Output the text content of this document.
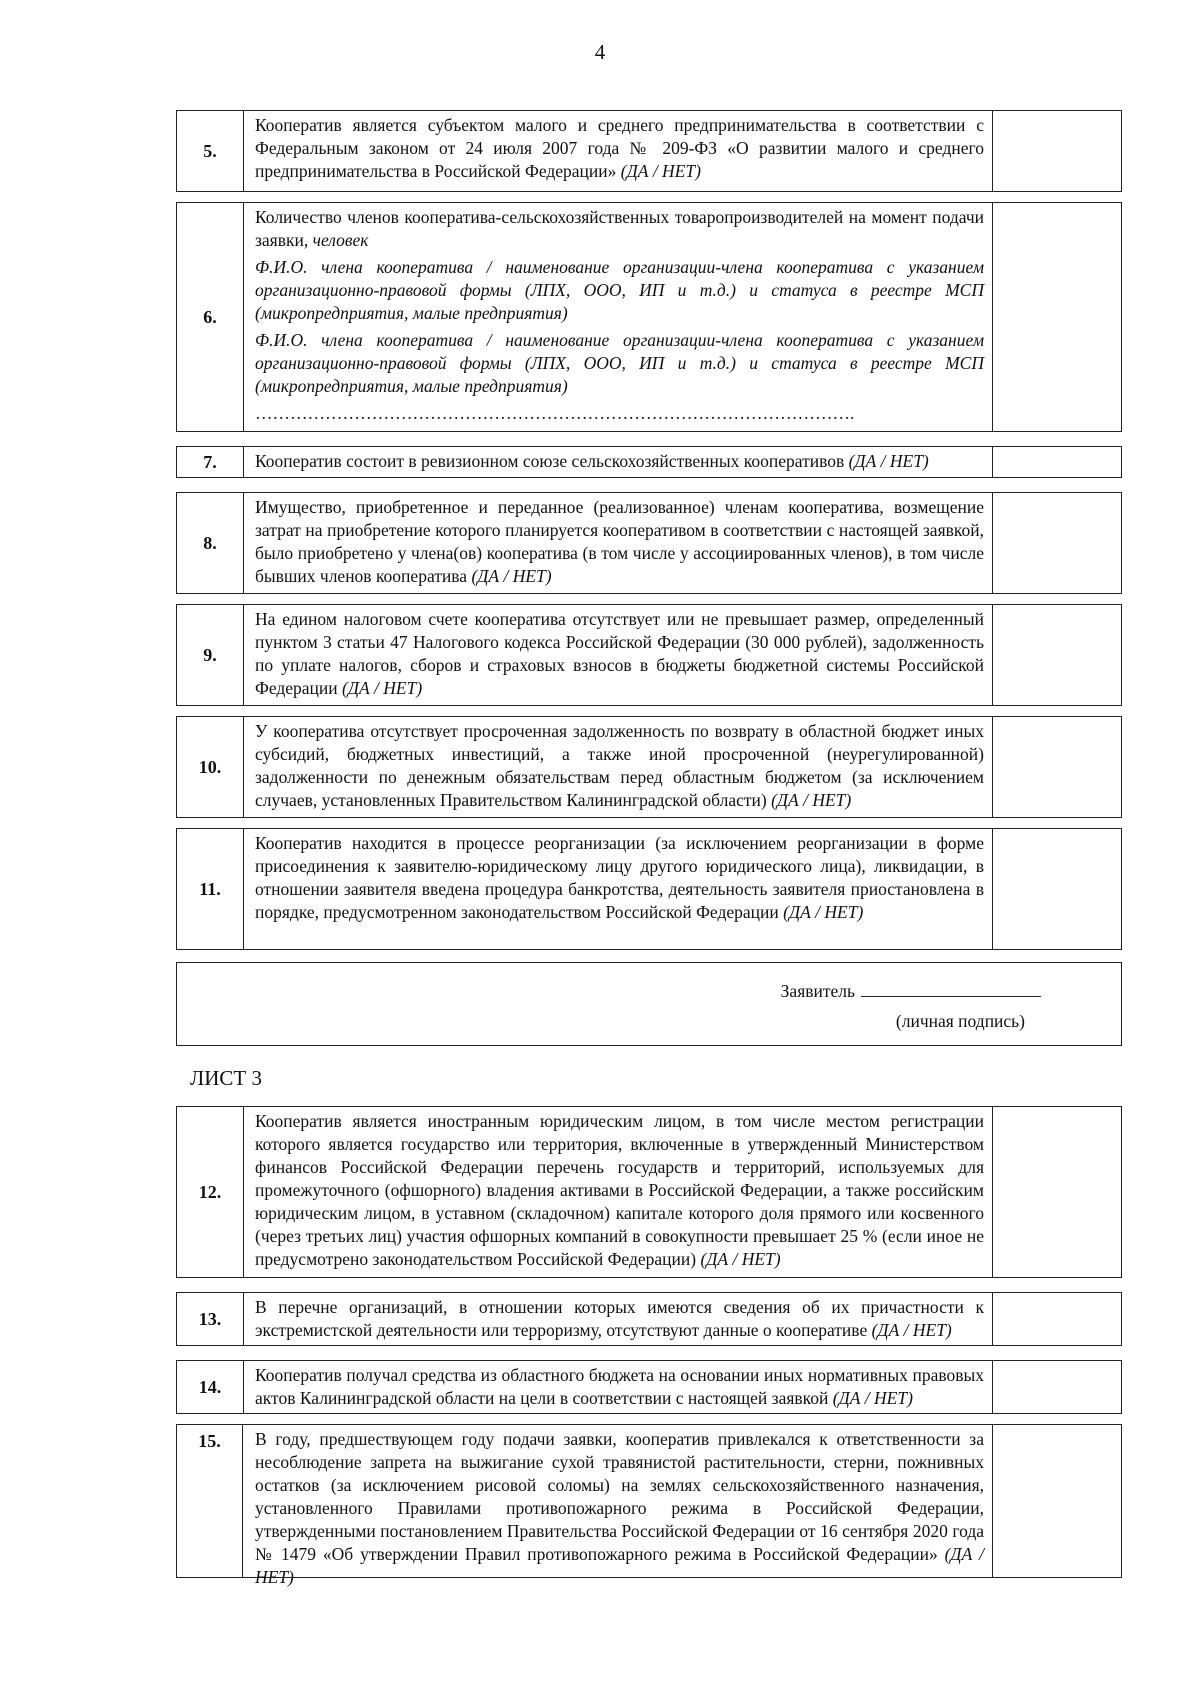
4
5.

Кооператив является субъектом малого и среднего предпринимательства в соответствии с Федеральным законом от 24 июля 2007 года № 209-ФЗ «О развитии малого и среднего предпринимательства в Российской Федерации» (ДА / НЕТ)

6.

Количество членов кооператива-сельскохозяйственных товаропроизводителей на момент подачи заявки, человек

Ф.И.О. члена кооператива / наименование организации-члена кооператива с указанием организационно-правовой формы (ЛПХ, ООО, ИП и т.д.) и статуса в реестре МСП (микропредприятия, малые предприятия)

Ф.И.О. члена кооператива / наименование организации-члена кооператива с указанием организационно-правовой формы (ЛПХ, ООО, ИП и т.д.) и статуса в реестре МСП (микропредприятия, малые предприятия)

………………………………………………………………………………………….

7.	Кооператив состоит в ревизионном союзе сельскохозяйственных кооперативов (ДА / НЕТ)

8.

Имущество, приобретенное и переданное (реализованное) членам кооператива, возмещение затрат на приобретение которого планируется кооперативом в соответствии с настоящей заявкой, было приобретено у члена(ов) кооператива (в том числе у ассоциированных членов), в том числе бывших членов кооператива (ДА / НЕТ)

9.

На едином налоговом счете кооператива отсутствует или не превышает размер, определенный пунктом 3 статьи 47 Налогового кодекса Российской Федерации (30 000 рублей), задолженность по уплате налогов, сборов и страховых взносов в бюджеты бюджетной системы Российской Федерации (ДА / НЕТ)

10.

У кооператива отсутствует просроченная задолженность по возврату в областной бюджет иных субсидий, бюджетных инвестиций, а также иной просроченной (неурегулированной) задолженности по денежным обязательствам перед областным бюджетом (за исключением случаев, установленных Правительством Калининградской области) (ДА / НЕТ)

11.

Кооператив находится в процессе реорганизации (за исключением реорганизации в форме присоединения к заявителю-юридическому лицу другого юридического лица), ликвидации, в отношении заявителя введена процедура банкротства, деятельность заявителя приостановлена в порядке, предусмотренном законодательством Российской Федерации (ДА / НЕТ)

Заявитель
(личная подпись)
ЛИСТ 3
12.

Кооператив является иностранным юридическим лицом, в том числе местом регистрации которого является государство или территория, включенные в утвержденный Министерством финансов Российской Федерации перечень государств и территорий, используемых для промежуточного (офшорного) владения активами в Российской Федерации, а также российским юридическим лицом, в уставном (складочном) капитале которого доля прямого или косвенного (через третьих лиц) участия офшорных компаний в совокупности превышает 25 % (если иное не предусмотрено законодательством Российской Федерации) (ДА / НЕТ)

13.

В перечне организаций, в отношении которых имеются сведения об их причастности к экстремистской деятельности или терроризму, отсутствуют данные о кооперативе (ДА / НЕТ)

14.

Кооператив получал средства из областного бюджета на основании иных нормативных правовых актов Калининградской области на цели в соответствии с настоящей заявкой (ДА / НЕТ)

15.	В году, предшествующем году подачи заявки, кооператив привлекался к ответственности за несоблюдение запрета на выжигание сухой травянистой растительности, стерни, пожнивных остатков (за исключением рисовой соломы) на землях сельскохозяйственного назначения, установленного Правилами противопожарного режима в Российской Федерации, утвержденными постановлением Правительства Российской Федерации от 16 сентября 2020 года № 1479 «Об утверждении Правил противопожарного режима в Российской Федерации» (ДА / НЕТ)
